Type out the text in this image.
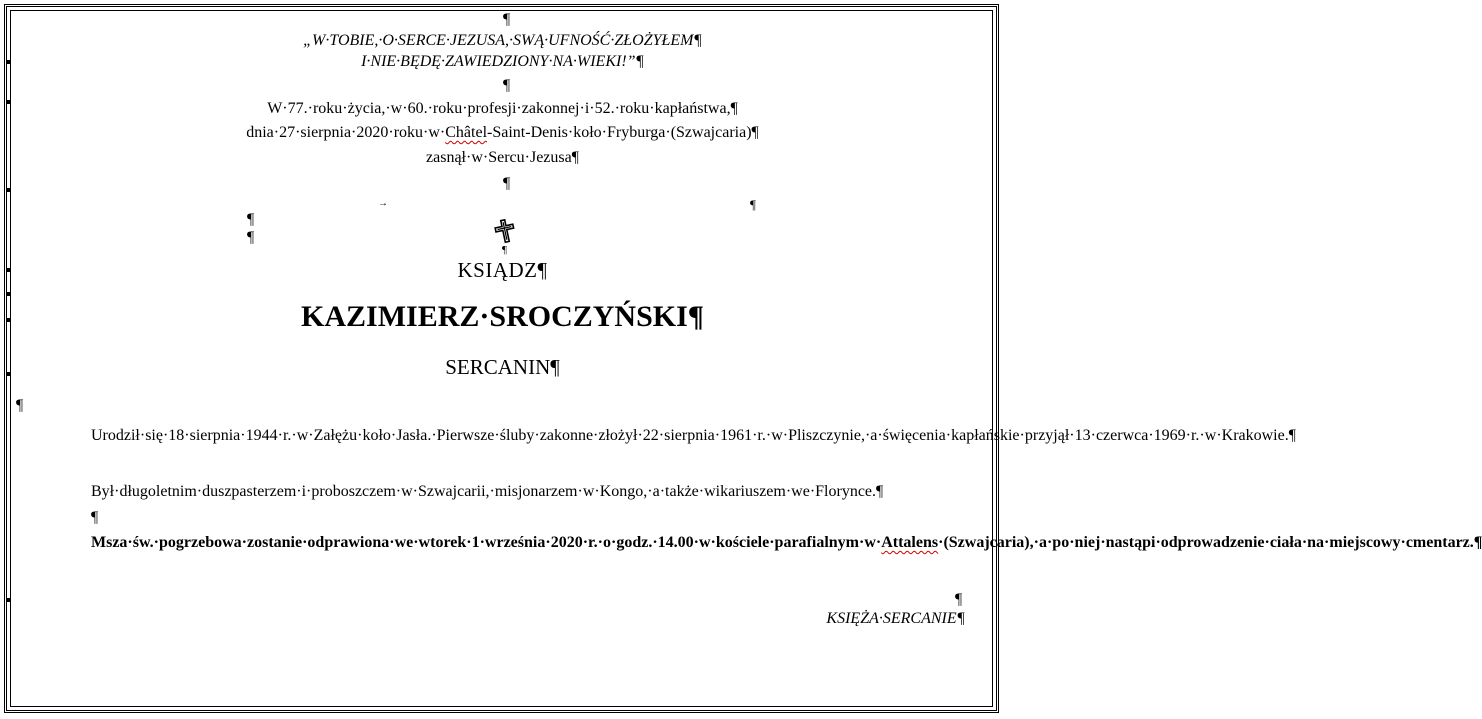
¶
„W·TOBIE,·O·SERCE·JEZUSA,·SWĄ·UFNOŚĆ·ZŁOŻYŁEM¶
I·NIE·BĘDĘ·ZAWIEDZIONY·NA·WIEKI!”¶
¶
W·77.·roku·życia,·w·60.·roku·profesji·zakonnej·i·52.·roku·kapłaństwa,¶
dnia·27·sierpnia·2020·roku·w·Châtel-Saint-Denis·koło·Fryburga·(Szwajcaria)¶
zasnął·w·Sercu·Jezusa¶
¶
→	¶
¶
¶
¶
KSIĄDZ¶
KAZIMIERZ·SROCZYŃSKI¶
SERCANIN¶
¶
Urodził·się·18·sierpnia·1944·r.·w·Załężu·koło·Jasła.·Pierwsze·śluby·zakonne·złożył·22·sierpnia·1961·r.·w·Pliszczynie,·a·święcenia·kapłańskie·przyjął·13·czerwca·1969·r.·w·Krakowie.¶
Był·długoletnim·duszpasterzem·i·proboszczem·w·Szwajcarii,·misjonarzem·w·Kongo,·a·także·wikariuszem·we·Florynce.¶
¶
Msza·św.·pogrzebowa·zostanie·odprawiona·we·wtorek·1·września·2020·r.·o·godz.·14.00·w·kościele·parafialnym·w·Attalens·(Szwajcaria),·a·po·niej·nastąpi·odprowadzenie·ciała·na·miejscowy·cmentarz.¶
¶
KSIĘŻA·SERCANIE¶
